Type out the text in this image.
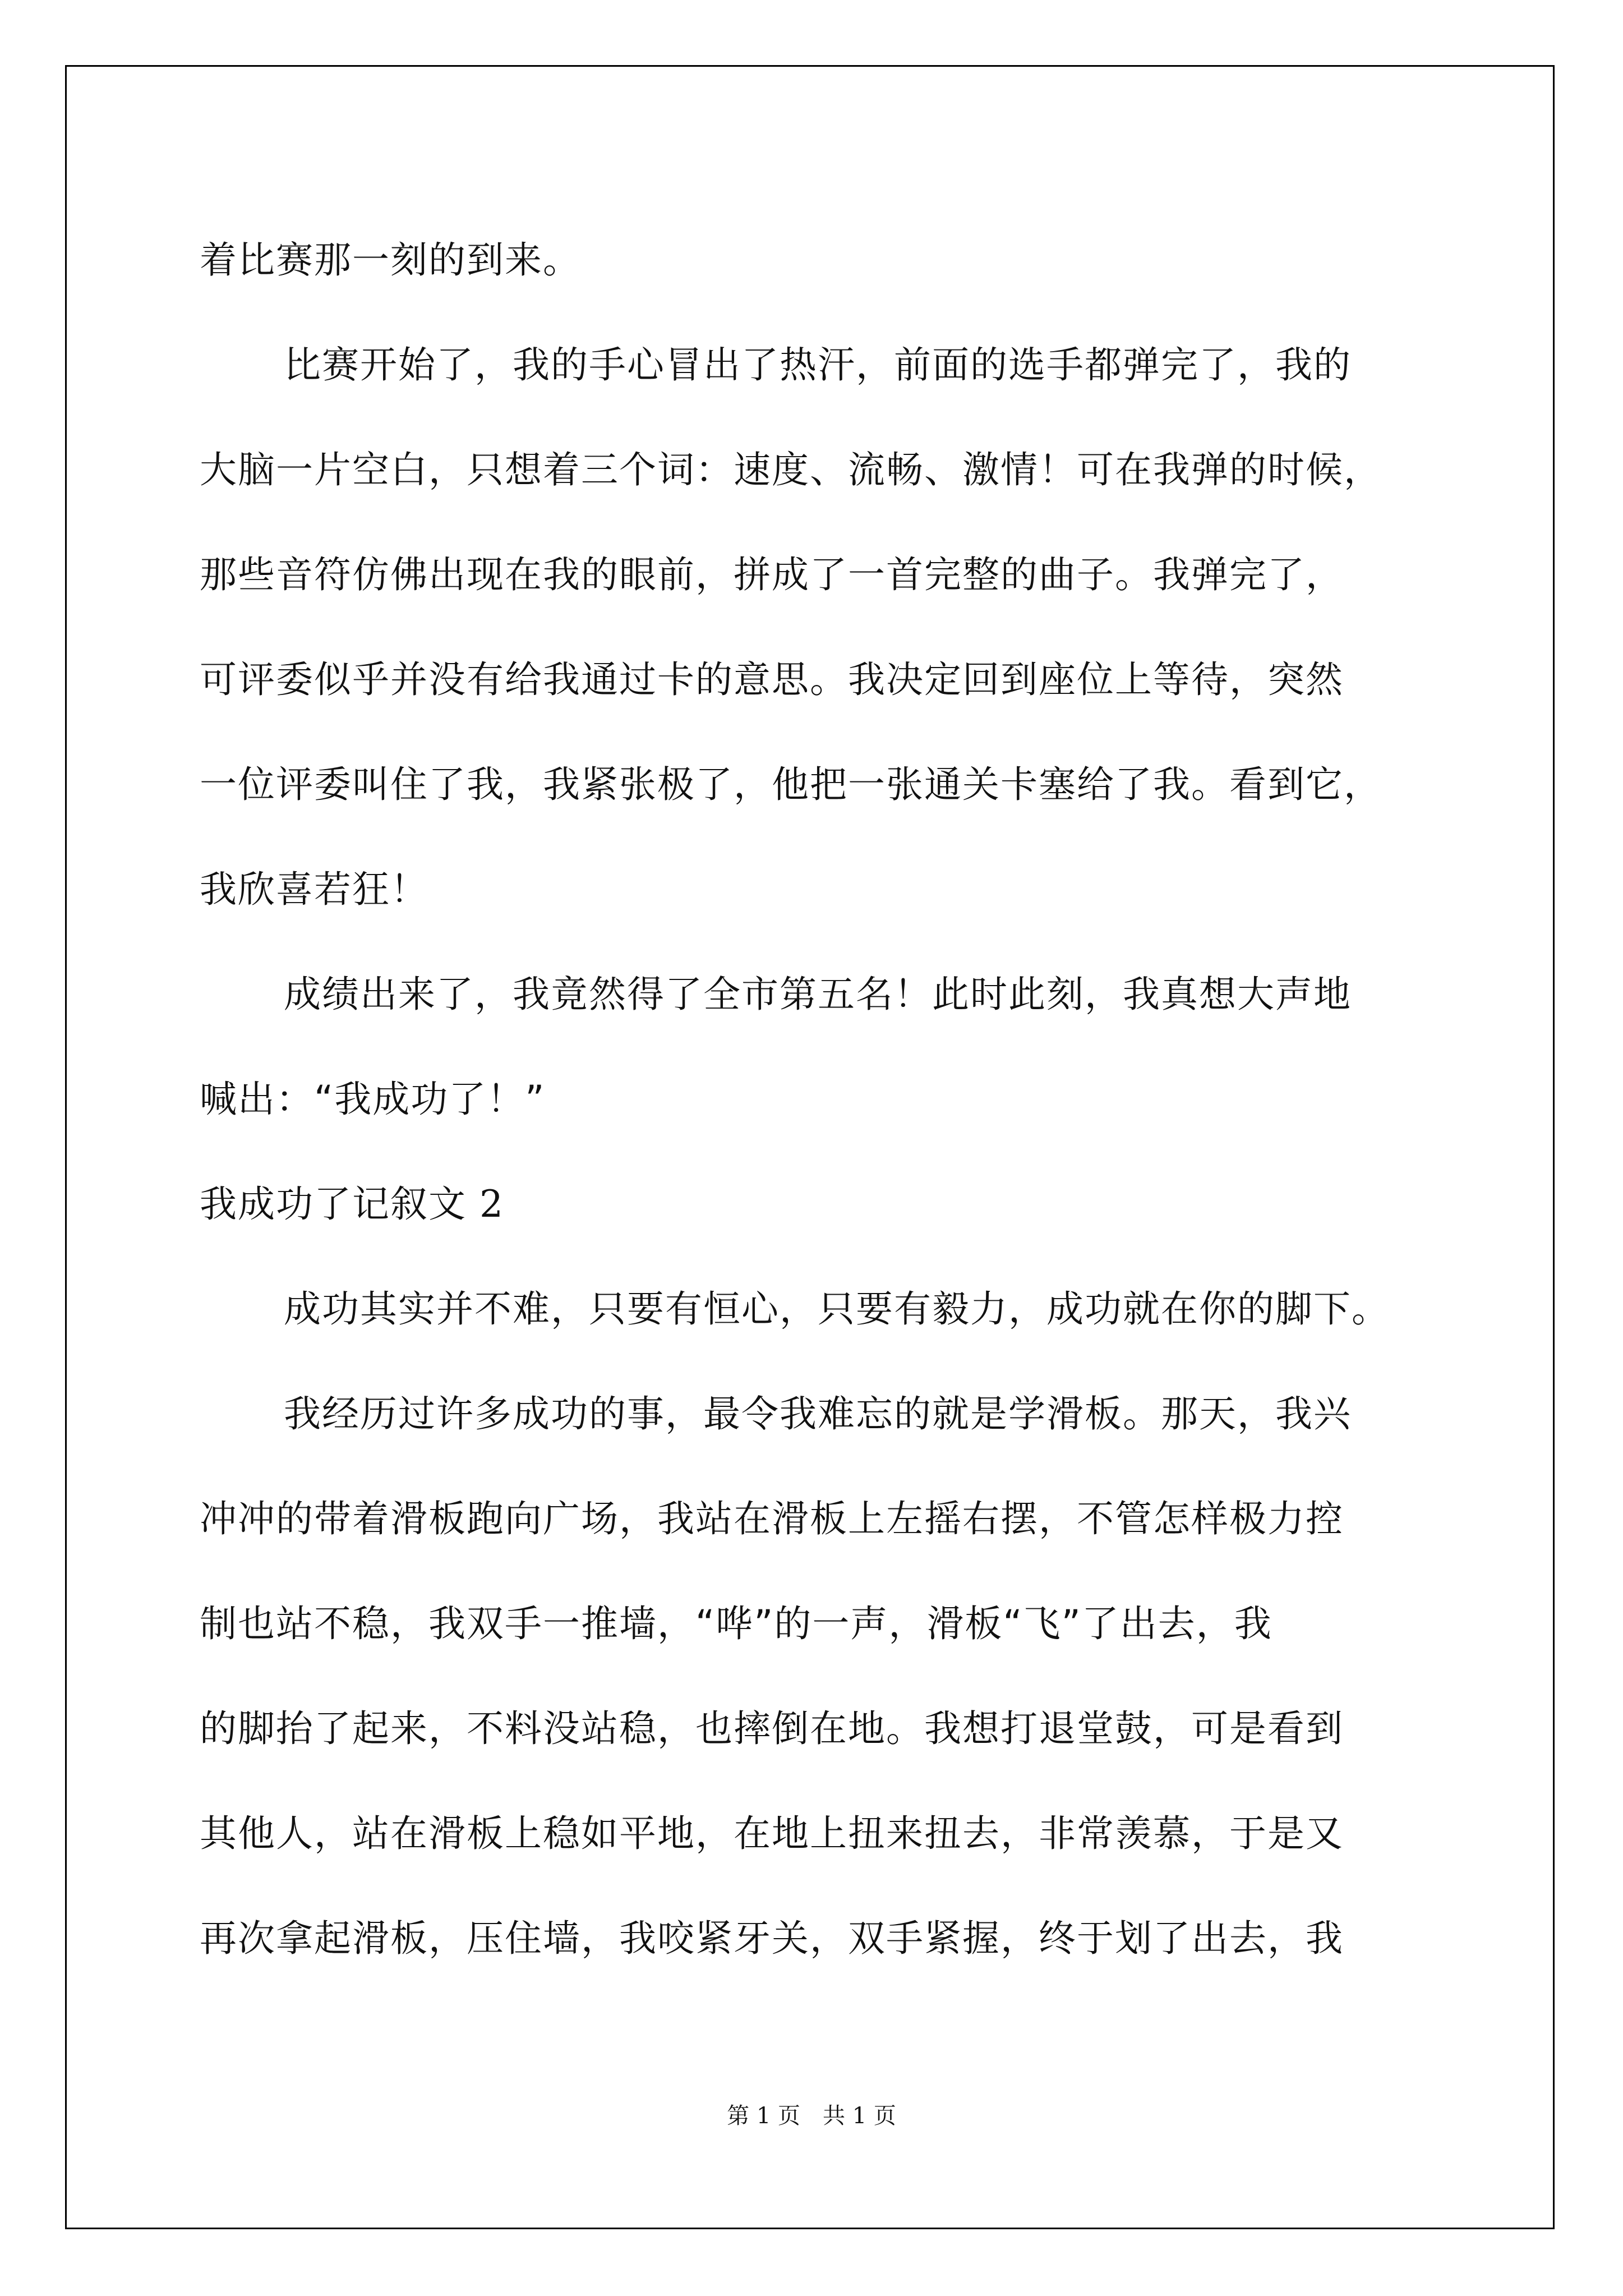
着比赛那一刻的到来。

比赛开始了，我的手心冒出了热汗，前面的选手都弹完了，我的

大脑一片空白，只想着三个词：速度、流畅、激情！可在我弹的时候，

那些音符仿佛出现在我的眼前，拼成了一首完整的曲子。我弹完了，

可评委似乎并没有给我通过卡的意思。我决定回到座位上等待，突然

一位评委叫住了我，我紧张极了，他把一张通关卡塞给了我。看到它，

我欣喜若狂！

成绩出来了，我竟然得了全市第五名！此时此刻，我真想大声地

喊出：“我成功了！”

我成功了记叙文 2

成功其实并不难，只要有恒心，只要有毅力，成功就在你的脚下。

我经历过许多成功的事，最令我难忘的就是学滑板。那天，我兴

冲冲的带着滑板跑向广场，我站在滑板上左摇右摆，不管怎样极力控

制也站不稳，我双手一推墙，“哗”的一声，滑板“飞”了出去，我

的脚抬了起来，不料没站稳，也摔倒在地。我想打退堂鼓，可是看到

其他人，站在滑板上稳如平地，在地上扭来扭去，非常羡慕，于是又

再次拿起滑板，压住墙，我咬紧牙关，双手紧握，终于划了出去，我

第 1 页　共 1 页
